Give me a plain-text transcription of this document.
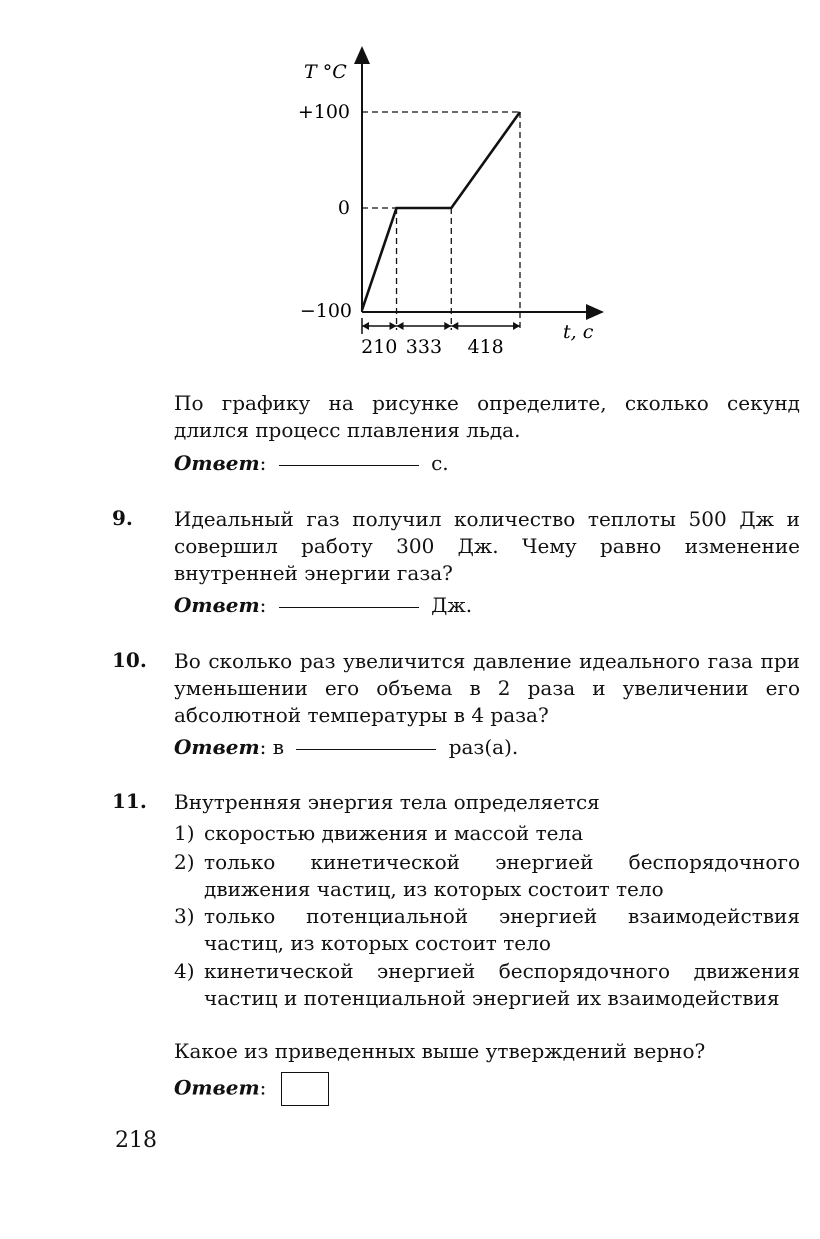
T °C
t, c
+100
0
−100
210 333 418
По графику на рисунке определите, сколько секунд длился процесс плавления льда.
Ответ:	с.
9. Идеальный газ получил количество теплоты 500 Дж и совершил работу 300 Дж. Чему равно изменение внутренней энергии газа?
Ответ:	Дж.
10. Во сколько раз увеличится давление идеального газа при уменьшении его объема в 2 раза и увеличении его абсолютной температуры в 4 раза?
Ответ: в	раз(а).
11. Внутренняя энергия тела определяется
1) скоростью движения и массой тела
2) только кинетической энергией беспорядочного движения частиц, из которых состоит тело
3) только потенциальной энергией взаимодействия частиц, из которых состоит тело
4) кинетической энергией беспорядочного движения частиц и потенциальной энергией их взаимодействия
Какое из приведенных выше утверждений верно?
Ответ:
218
